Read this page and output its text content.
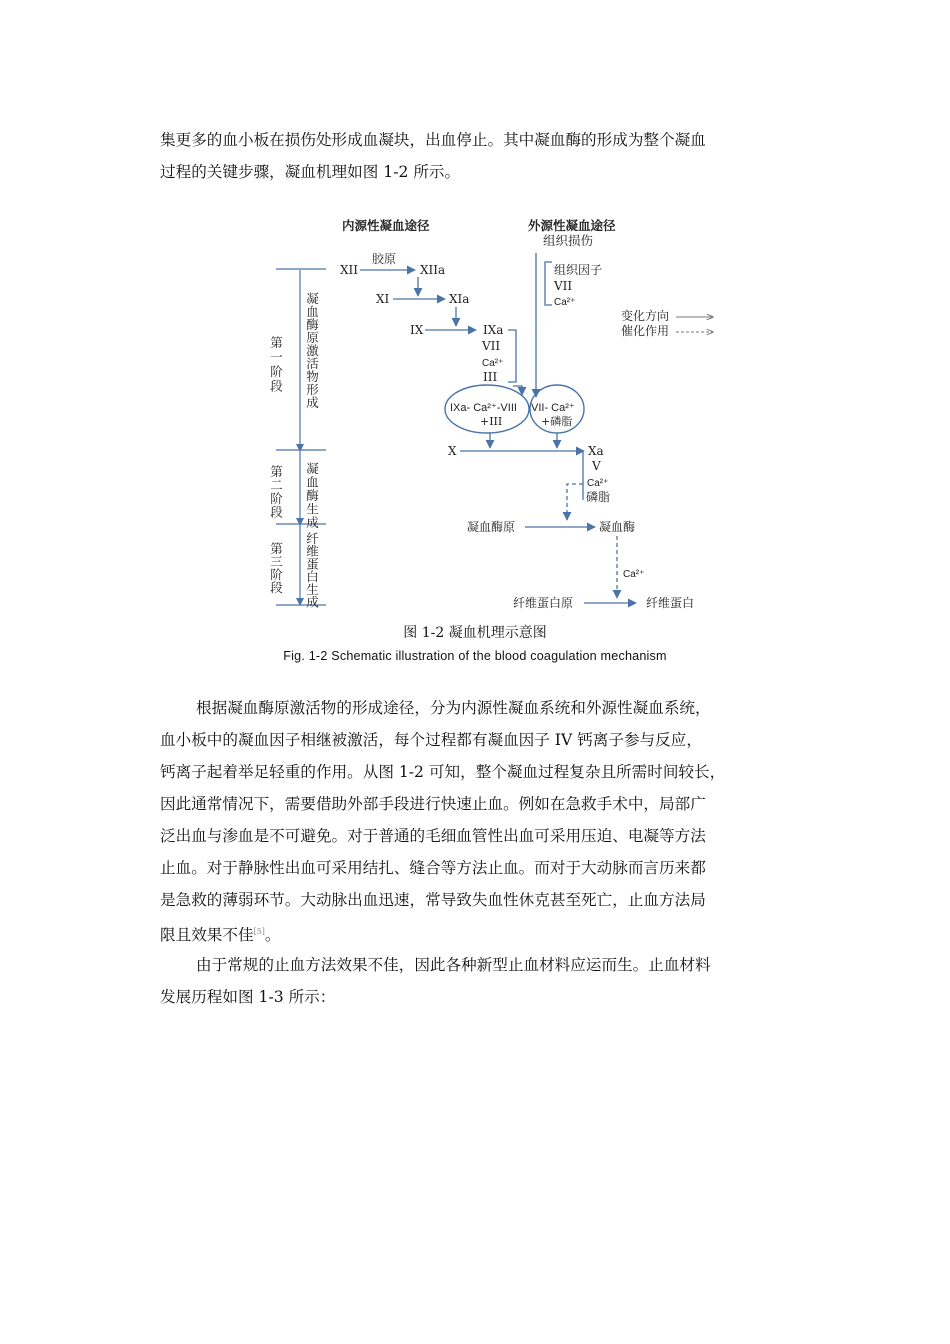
集更多的血小板在损伤处形成血凝块，出血停止。其中凝血酶的形成为整个凝血
过程的关键步骤，凝血机理如图 1-2 所示。
内源性凝血途径	外源性凝血途径
组织损伤
第一阶段 凝血酶原激活物形成
第二阶段 凝血酶生成
第三阶段 纤维蛋白生成
XII
胶原
XIIa
XI	XIa
IX	IXa
VII
Ca²⁺
III
组织因子
VII
Ca²⁺
IXa- Ca²⁺-VIII
+III
VII- Ca²⁺
+磷脂
X	Xa
V
Ca²⁺
磷脂
凝血酶原	凝血酶
Ca²⁺
纤维蛋白原	纤维蛋白
变化方向
催化作用

图 1-2 凝血机理示意图

Fig. 1-2 Schematic illustration of the blood coagulation mechanism

根据凝血酶原激活物的形成途径，分为内源性凝血系统和外源性凝血系统，
血小板中的凝血因子相继被激活，每个过程都有凝血因子 IV 钙离子参与反应，
钙离子起着举足轻重的作用。从图 1-2 可知，整个凝血过程复杂且所需时间较长，
因此通常情况下，需要借助外部手段进行快速止血。例如在急救手术中，局部广
泛出血与渗血是不可避免。对于普通的毛细血管性出血可采用压迫、电凝等方法
止血。对于静脉性出血可采用结扎、缝合等方法止血。而对于大动脉而言历来都
是急救的薄弱环节。大动脉出血迅速，常导致失血性休克甚至死亡，止血方法局
限且效果不佳[5]。
由于常规的止血方法效果不佳，因此各种新型止血材料应运而生。止血材料
发展历程如图 1-3 所示：
